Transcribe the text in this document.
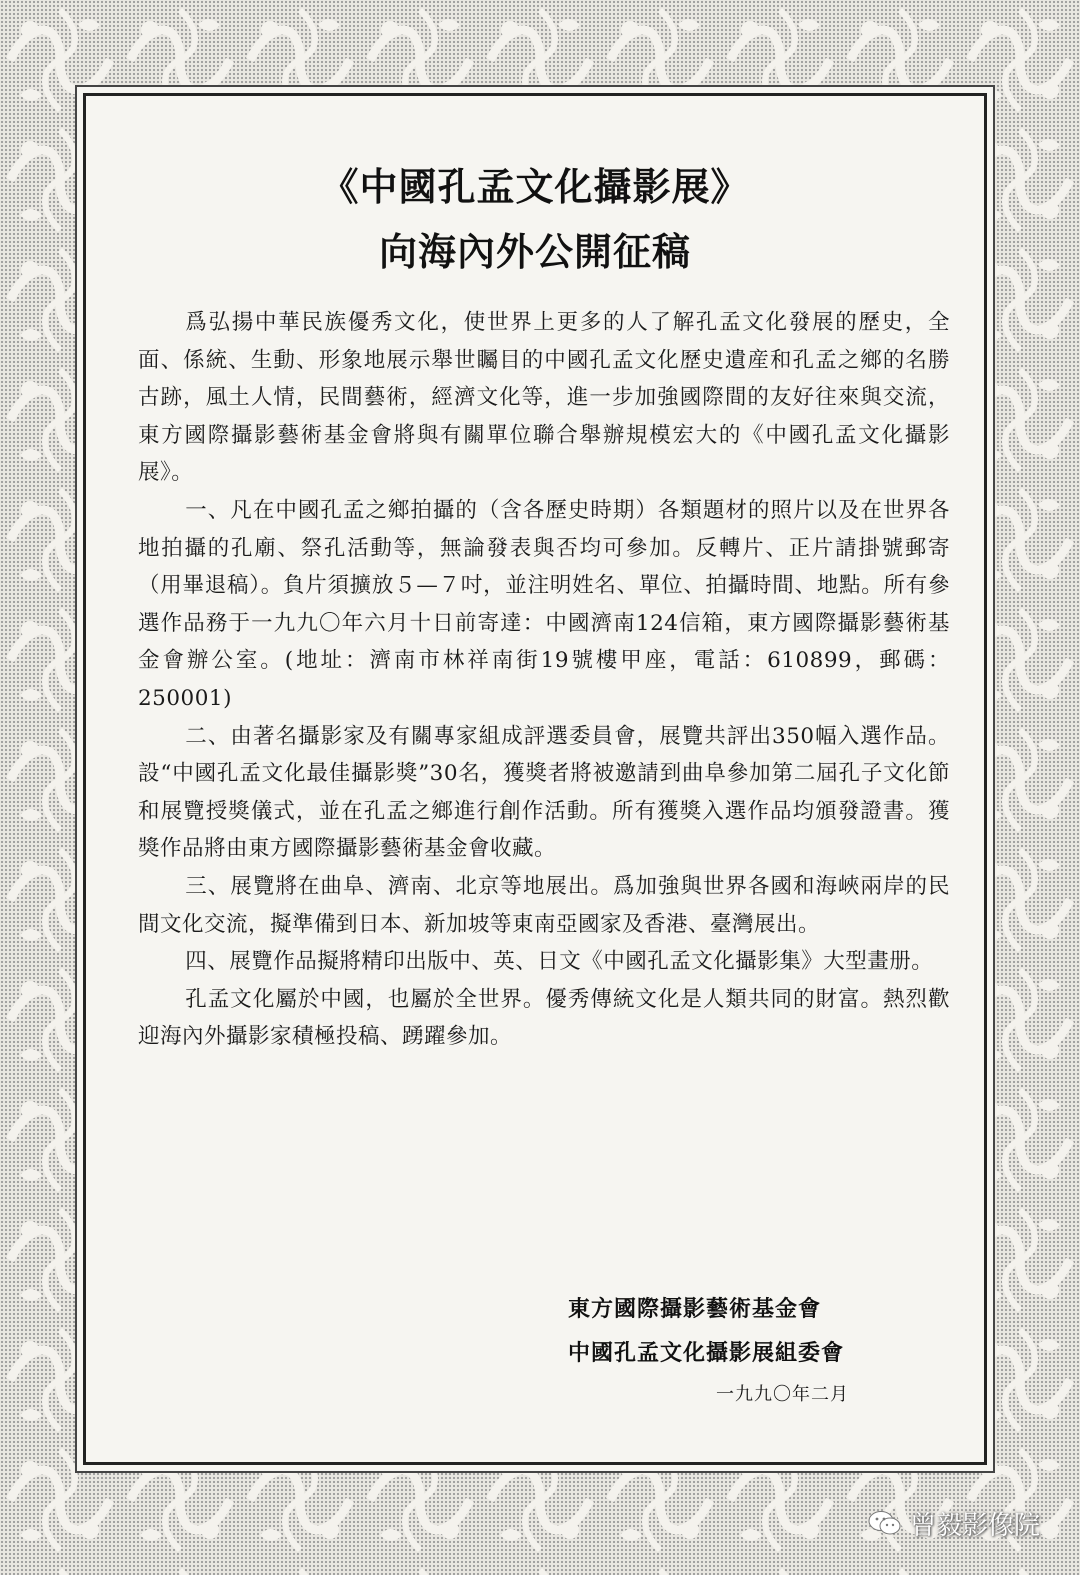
《中國孔孟文化攝影展》
向海內外公開征稿

爲弘揚中華民族優秀文化，使世界上更多的人了解孔孟文化發展的歷史，全面、係統、生動、形象地展示舉世矚目的中國孔孟文化歷史遺産和孔孟之鄉的名勝古跡，風土人情，民間藝術，經濟文化等，進一步加強國際間的友好往來與交流，東方國際攝影藝術基金會將與有關單位聯合舉辦規模宏大的《中國孔孟文化攝影展》。

一、凡在中國孔孟之鄉拍攝的（含各歷史時期）各類題材的照片以及在世界各地拍攝的孔廟、祭孔活動等，無論發表與否均可參加。反轉片、正片請掛號郵寄（用畢退稿）。負片須擴放５—７吋，並注明姓名、單位、拍攝時間、地點。所有參選作品務于一九九〇年六月十日前寄達：中國濟南124信箱，東方國際攝影藝術基金會辦公室。(地址：濟南市林祥南街19號樓甲座，電話：610899，郵碼：250001)

二、由著名攝影家及有關專家組成評選委員會，展覽共評出350幅入選作品。設“中國孔孟文化最佳攝影獎”30名，獲獎者將被邀請到曲阜參加第二屆孔子文化節和展覽授獎儀式，並在孔孟之鄉進行創作活動。所有獲獎入選作品均頒發證書。獲獎作品將由東方國際攝影藝術基金會收藏。

三、展覽將在曲阜、濟南、北京等地展出。爲加強與世界各國和海峽兩岸的民間文化交流，擬準備到日本、新加坡等東南亞國家及香港、臺灣展出。

四、展覽作品擬將精印出版中、英、日文《中國孔孟文化攝影集》大型畫册。

孔孟文化屬於中國，也屬於全世界。優秀傳統文化是人類共同的財富。熱烈歡迎海內外攝影家積極投稿、踴躍參加。

東方國際攝影藝術基金會
中國孔孟文化攝影展組委會
一九九〇年二月
曾毅影像院
